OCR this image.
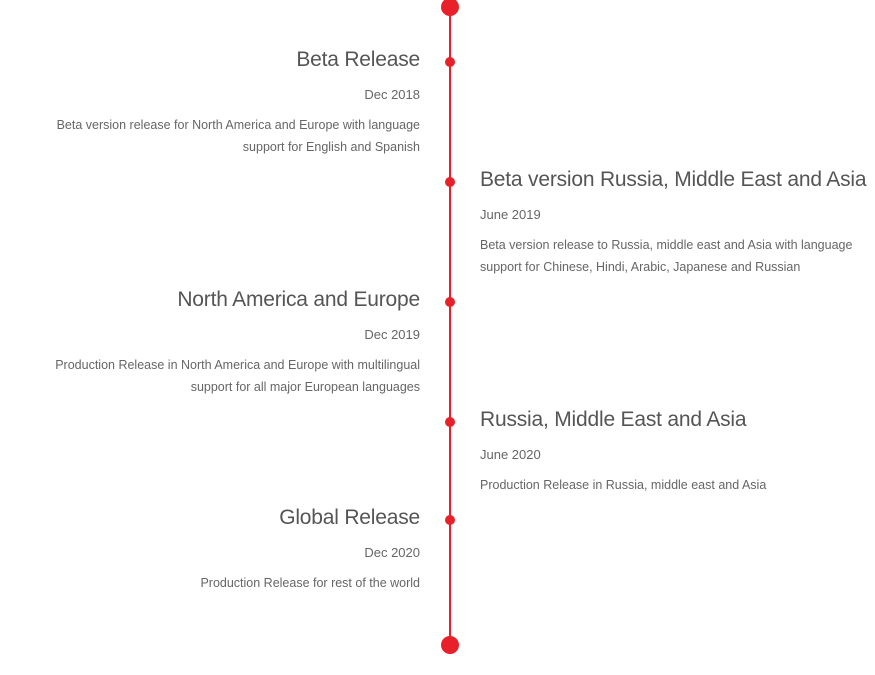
Beta Release
Dec 2018
Beta version release for North America and Europe with language support for English and Spanish
Beta version Russia, Middle East and Asia
June 2019
Beta version release to Russia, middle east and Asia with language support for Chinese, Hindi, Arabic, Japanese and Russian
North America and Europe
Dec 2019
Production Release in North America and Europe with multilingual support for all major European languages
Russia, Middle East and Asia
June 2020
Production Release in Russia, middle east and Asia
Global Release
Dec 2020
Production Release for rest of the world
